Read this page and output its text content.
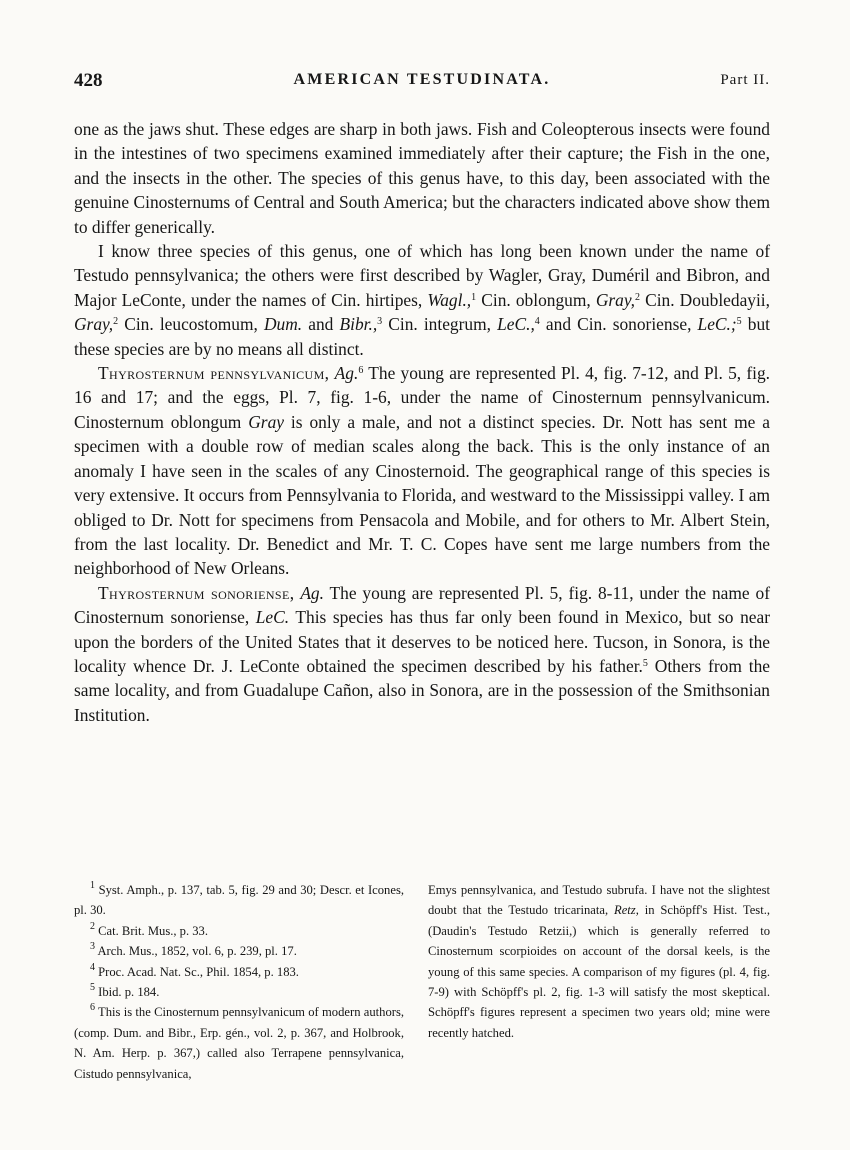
428	AMERICAN TESTUDINATA.	Part II.

one as the jaws shut. These edges are sharp in both jaws. Fish and Coleopterous insects were found in the intestines of two specimens examined immediately after their capture; the Fish in the one, and the insects in the other. The species of this genus have, to this day, been associated with the genuine Cinosternums of Central and South America; but the characters indicated above show them to differ generically.

I know three species of this genus, one of which has long been known under the name of Testudo pennsylvanica; the others were first described by Wagler, Gray, Duméril and Bibron, and Major LeConte, under the names of Cin. hirtipes, Wagl.,$^1$ Cin. oblongum, Gray,$^2$ Cin. Doubledayii, Gray,$^2$ Cin. leucostomum, Dum. and Bibr.,$^3$ Cin. integrum, LeC.,$^4$ and Cin. sonoriense, LeC.;$^5$ but these species are by no means all distinct.

Thyrosternum pennsylvanicum, Ag.$^6$ The young are represented Pl. 4, fig. 7-12, and Pl. 5, fig. 16 and 17; and the eggs, Pl. 7, fig. 1-6, under the name of Cinosternum pennsylvanicum. Cinosternum oblongum Gray is only a male, and not a distinct species. Dr. Nott has sent me a specimen with a double row of median scales along the back. This is the only instance of an anomaly I have seen in the scales of any Cinosternoid. The geographical range of this species is very extensive. It occurs from Pennsylvania to Florida, and westward to the Mississippi valley. I am obliged to Dr. Nott for specimens from Pensacola and Mobile, and for others to Mr. Albert Stein, from the last locality. Dr. Benedict and Mr. T. C. Copes have sent me large numbers from the neighborhood of New Orleans.

Thyrosternum sonoriense, Ag. The young are represented Pl. 5, fig. 8-11, under the name of Cinosternum sonoriense, LeC. This species has thus far only been found in Mexico, but so near upon the borders of the United States that it deserves to be noticed here. Tucson, in Sonora, is the locality whence Dr. J. LeConte obtained the specimen described by his father.$^5$ Others from the same locality, and from Guadalupe Cañon, also in Sonora, are in the possession of the Smithsonian Institution.

$^1$ Syst. Amph., p. 137, tab. 5, fig. 29 and 30; Descr. et Icones, pl. 30.

$^2$ Cat. Brit. Mus., p. 33.

$^3$ Arch. Mus., 1852, vol. 6, p. 239, pl. 17.

$^4$ Proc. Acad. Nat. Sc., Phil. 1854, p. 183.

$^5$ Ibid. p. 184.

$^6$ This is the Cinosternum pennsylvanicum of modern authors, (comp. Dum. and Bibr., Erp. gén., vol. 2, p. 367, and Holbrook, N. Am. Herp. p. 367,) called also Terrapene pennsylvanica, Cistudo pennsylvanica,

Emys pennsylvanica, and Testudo subrufa. I have not the slightest doubt that the Testudo tricarinata, Retz, in Schöpff's Hist. Test., (Daudin's Testudo Retzii,) which is generally referred to Cinosternum scorpioides on account of the dorsal keels, is the young of this same species. A comparison of my figures (pl. 4, fig. 7-9) with Schöpff's pl. 2, fig. 1-3 will satisfy the most skeptical. Schöpff's figures represent a specimen two years old; mine were recently hatched.
